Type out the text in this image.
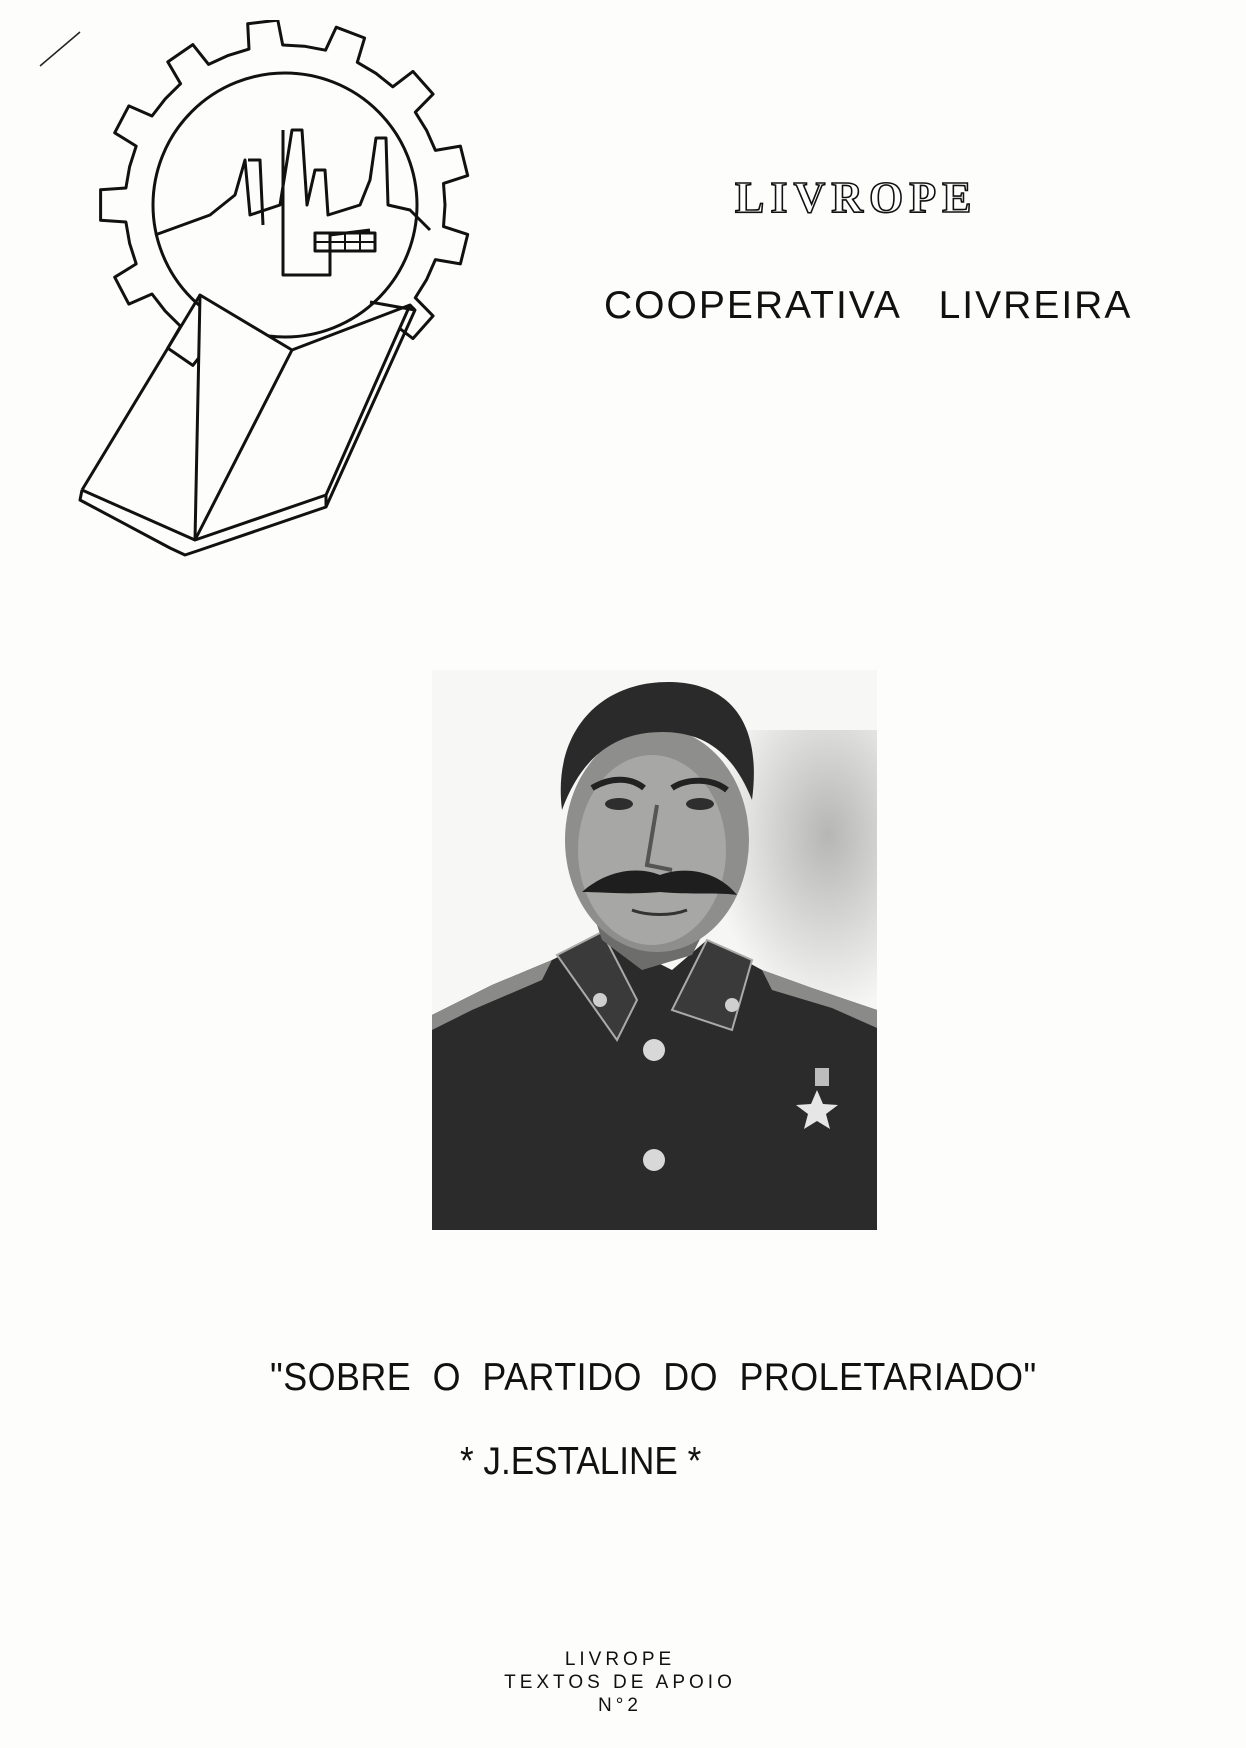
LIVROPE
COOPERATIVA LIVREIRA
"SOBRE O PARTIDO DO PROLETARIADO"
* J.ESTALINE *
LIVROPE
TEXTOS DE APOIO
N°2
